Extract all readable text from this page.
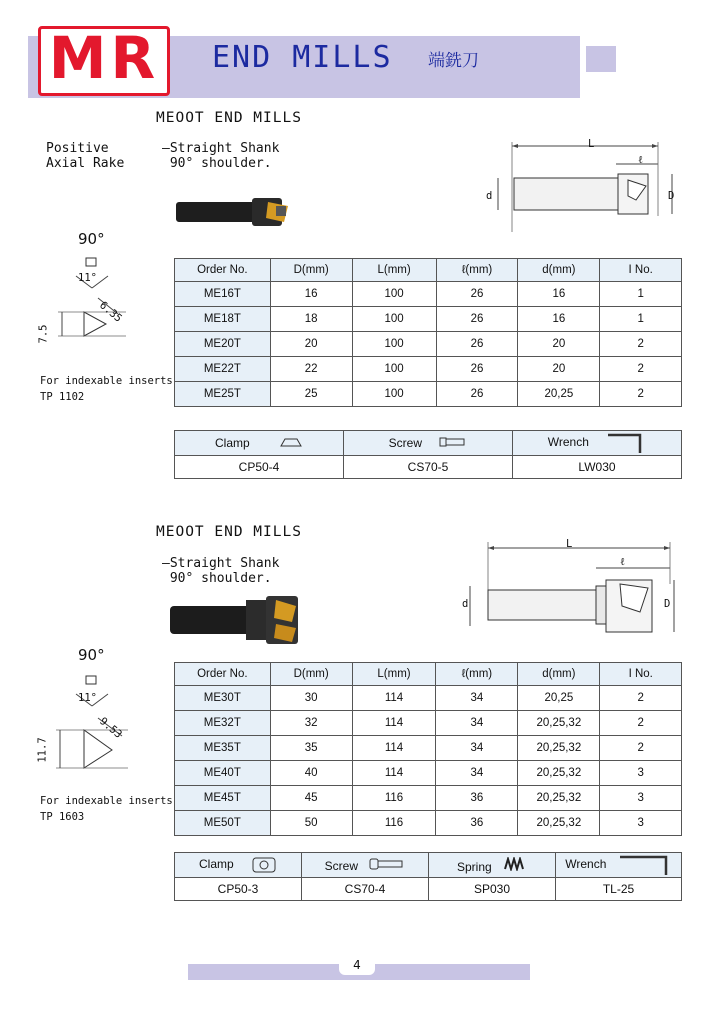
MR	END MILLS 端銑刀
MEOOT END MILLS
Positive
Axial Rake
—Straight Shank
90° shoulder.
L
ℓ
d	D
90°
11°
6.35
7.5
For indexable inserts
TP 1102
Order No.	D(mm)	L(mm)	ℓ(mm)	d(mm)	I No.
ME16T	16	100	26	16	1
ME18T	18	100	26	16	1
ME20T	20	100	26	20	2
ME22T	22	100	26	20	2
ME25T	25	100	26	20,25	2
Clamp	Screw	Wrench
CP50-4	CS70-5	LW030
MEOOT END MILLS
—Straight Shank
90° shoulder.
L
ℓ
d	D
90°
11°
9.53
11.7
For indexable inserts
TP 1603
Order No.	D(mm)	L(mm)	ℓ(mm)	d(mm)	I No.
ME30T	30	114	34	20,25	2
ME32T	32	114	34	20,25,32	2
ME35T	35	114	34	20,25,32	2
ME40T	40	114	34	20,25,32	3
ME45T	45	116	36	20,25,32	3
ME50T	50	116	36	20,25,32	3
Clamp	Screw	Spring	Wrench
CP50-3	CS70-4	SP030	TL-25
4
